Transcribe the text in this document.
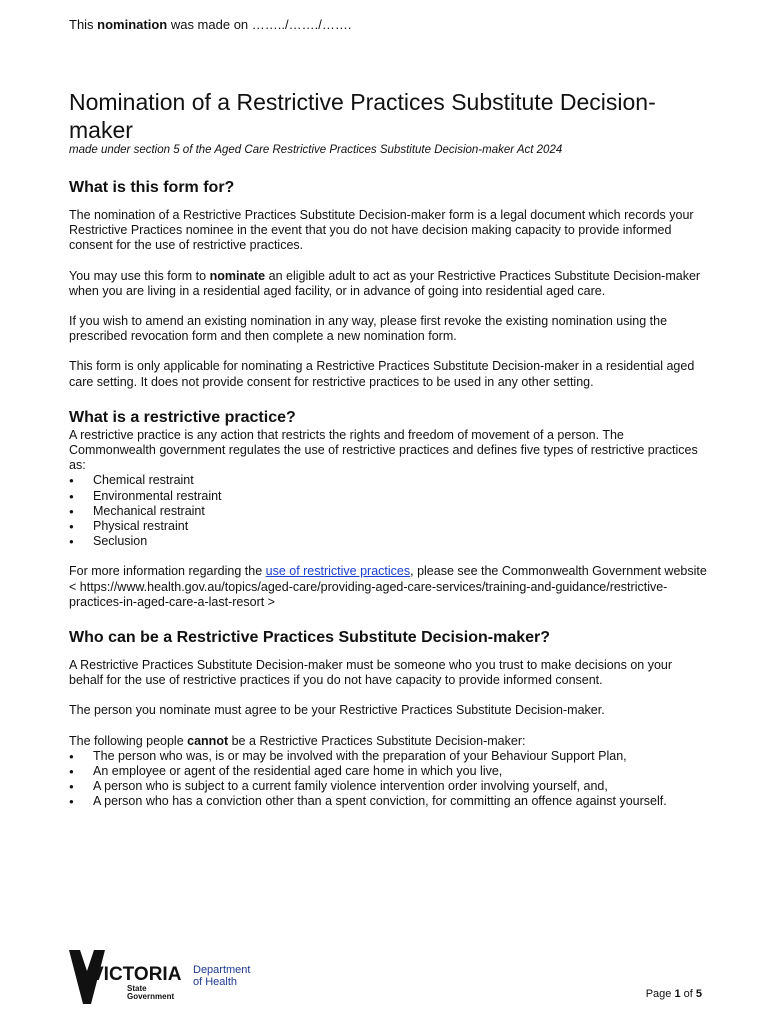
This nomination was made on ……../……./…….
Nomination of a Restrictive Practices Substitute Decision-maker
made under section 5 of the Aged Care Restrictive Practices Substitute Decision-maker Act 2024
What is this form for?

The nomination of a Restrictive Practices Substitute Decision-maker form is a legal document which records your Restrictive Practices nominee in the event that you do not have decision making capacity to provide informed consent for the use of restrictive practices.

You may use this form to nominate an eligible adult to act as your Restrictive Practices Substitute Decision-maker when you are living in a residential aged facility, or in advance of going into residential aged care.

If you wish to amend an existing nomination in any way, please first revoke the existing nomination using the prescribed revocation form and then complete a new nomination form.

This form is only applicable for nominating a Restrictive Practices Substitute Decision-maker in a residential aged care setting. It does not provide consent for restrictive practices to be used in any other setting.

What is a restrictive practice?

A restrictive practice is any action that restricts the rights and freedom of movement of a person. The Commonwealth government regulates the use of restrictive practices and defines five types of restrictive practices as:

● Chemical restraint
● Environmental restraint
● Mechanical restraint
● Physical restraint
● Seclusion

For more information regarding the use of restrictive practices, please see the Commonwealth Government website < https://www.health.gov.au/topics/aged-care/providing-aged-care-services/training-and-guidance/restrictive-practices-in-aged-care-a-last-resort >

Who can be a Restrictive Practices Substitute Decision-maker?

A Restrictive Practices Substitute Decision-maker must be someone who you trust to make decisions on your behalf for the use of restrictive practices if you do not have capacity to provide informed consent.

The person you nominate must agree to be your Restrictive Practices Substitute Decision-maker.

The following people cannot be a Restrictive Practices Substitute Decision-maker:

● The person who was, is or may be involved with the preparation of your Behaviour Support Plan,
● An employee or agent of the residential aged care home in which you live,
● A person who is subject to a current family violence intervention order involving yourself, and,
● A person who has a conviction other than a spent conviction, for committing an offence against yourself.
VICTORIA
State
Government
Department
of Health
Page 1 of 5
